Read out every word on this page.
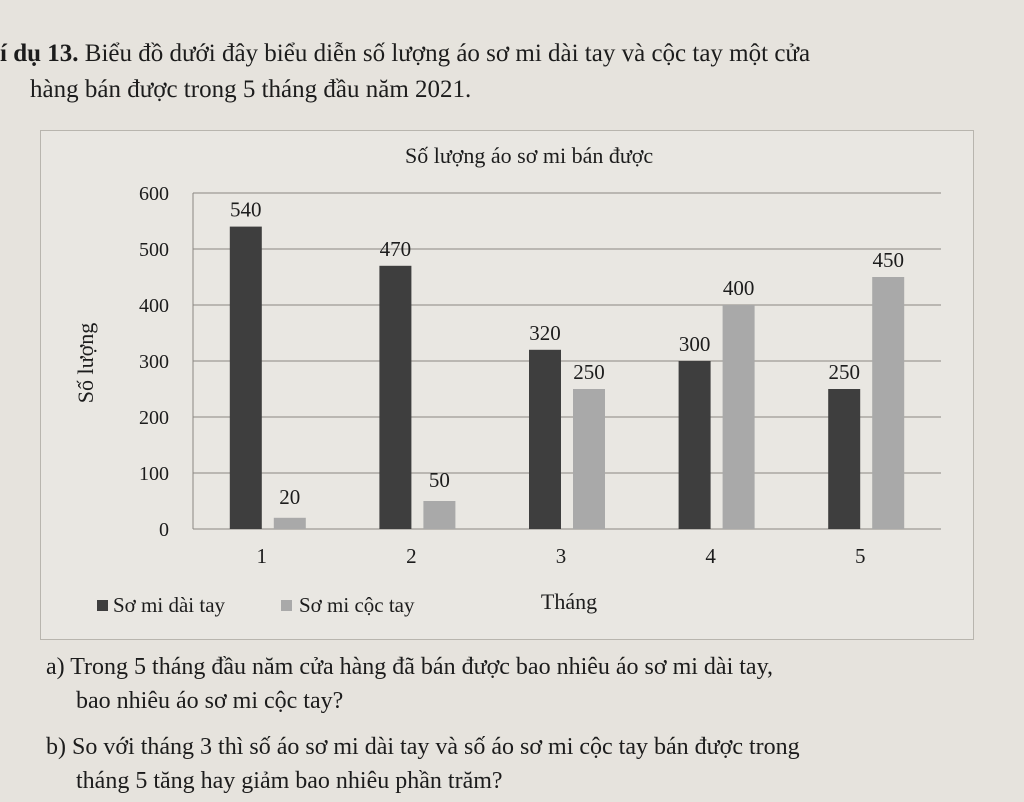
í dụ 13. Biểu đồ dưới đây biểu diễn số lượng áo sơ mi dài tay và cộc tay một cửa
hàng bán được trong 5 tháng đầu năm 2021.
Số lượng áo sơ mi bán được
0
100
200
300
400
500
600
Số lượng
540
20
1
470
50
2
320
250
3
300
400
4
250
450
5
Tháng
Sơ mi dài tay	Sơ mi cộc tay
a) Trong 5 tháng đầu năm cửa hàng đã bán được bao nhiêu áo sơ mi dài tay,
bao nhiêu áo sơ mi cộc tay?
b) So với tháng 3 thì số áo sơ mi dài tay và số áo sơ mi cộc tay bán được trong
tháng 5 tăng hay giảm bao nhiêu phần trăm?
